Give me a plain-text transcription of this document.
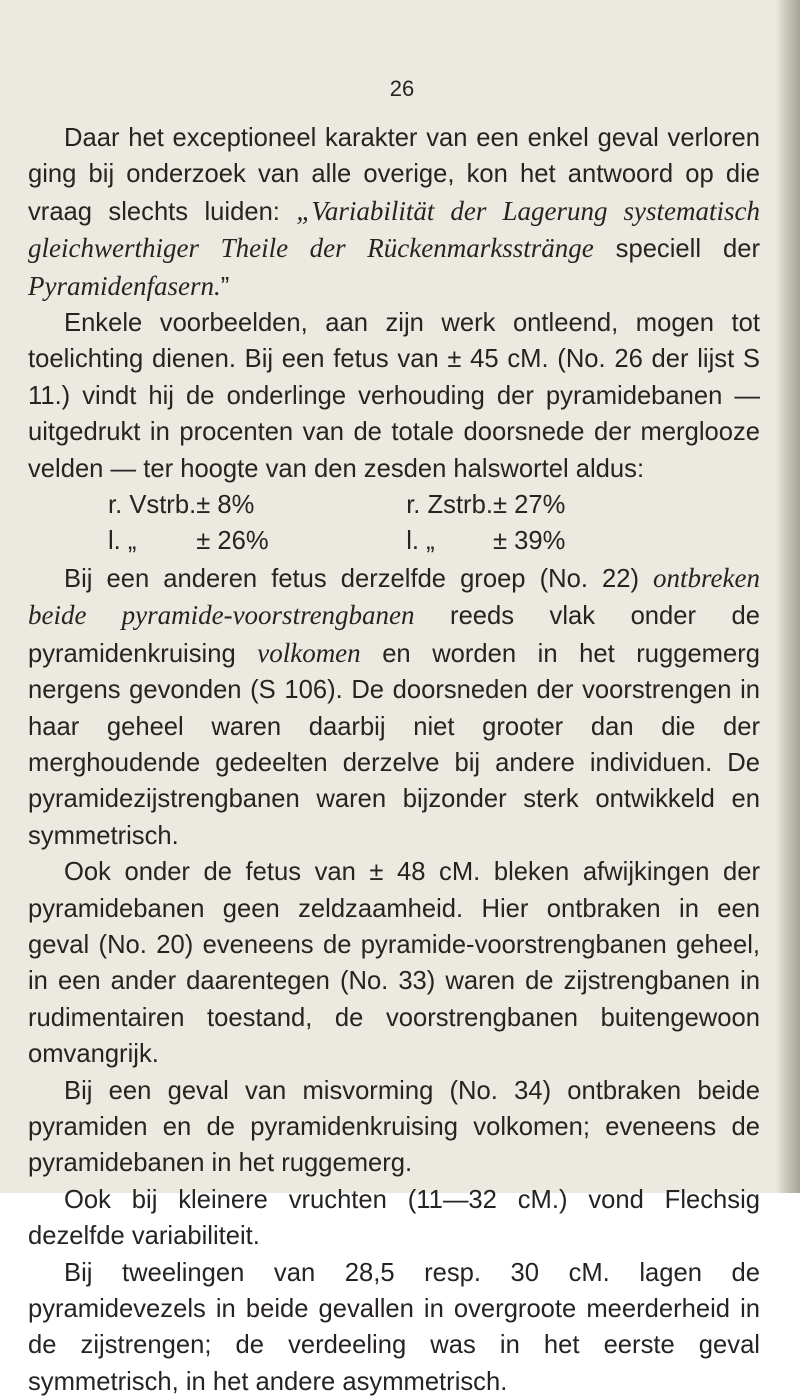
26

Daar het exceptioneel karakter van een enkel geval verloren ging bij onderzoek van alle overige, kon het antwoord op die vraag slechts luiden: „Variabilität der Lagerung systematisch gleichwerthiger Theile der Rückenmarksstränge speciell der Pyramidenfasern.”

Enkele voorbeelden, aan zijn werk ontleend, mogen tot toelichting dienen. Bij een fetus van ± 45 cM. (No. 26 der lijst S 11.) vindt hij de onderlinge verhouding der pyramidebanen — uitgedrukt in procenten van de totale doorsnede der merglooze velden — ter hoogte van den zesden halswortel aldus:

r. Vstrb.	± 8%	r. Zstrb.	± 27%
l. „	± 26%	l. „	± 39%

Bij een anderen fetus derzelfde groep (No. 22) ontbreken beide pyramide-voorstrengbanen reeds vlak onder de pyramidenkruising volkomen en worden in het ruggemerg nergens gevonden (S 106). De doorsneden der voorstrengen in haar geheel waren daarbij niet grooter dan die der merghoudende gedeelten derzelve bij andere individuen. De pyramidezijstrengbanen waren bijzonder sterk ontwikkeld en symmetrisch.

Ook onder de fetus van ± 48 cM. bleken afwijkingen der pyramidebanen geen zeldzaamheid. Hier ontbraken in een geval (No. 20) eveneens de pyramide-voorstrengbanen geheel, in een ander daarentegen (No. 33) waren de zijstrengbanen in rudimentairen toestand, de voorstrengbanen buitengewoon omvangrijk.

Bij een geval van misvorming (No. 34) ontbraken beide pyramiden en de pyramidenkruising volkomen; eveneens de pyramidebanen in het ruggemerg.

Ook bij kleinere vruchten (11—32 cM.) vond Flechsig dezelfde variabiliteit.

Bij tweelingen van 28,5 resp. 30 cM. lagen de pyramidevezels in beide gevallen in overgroote meerderheid in de zijstrengen; de verdeeling was in het eerste geval symmetrisch, in het andere asymmetrisch.
